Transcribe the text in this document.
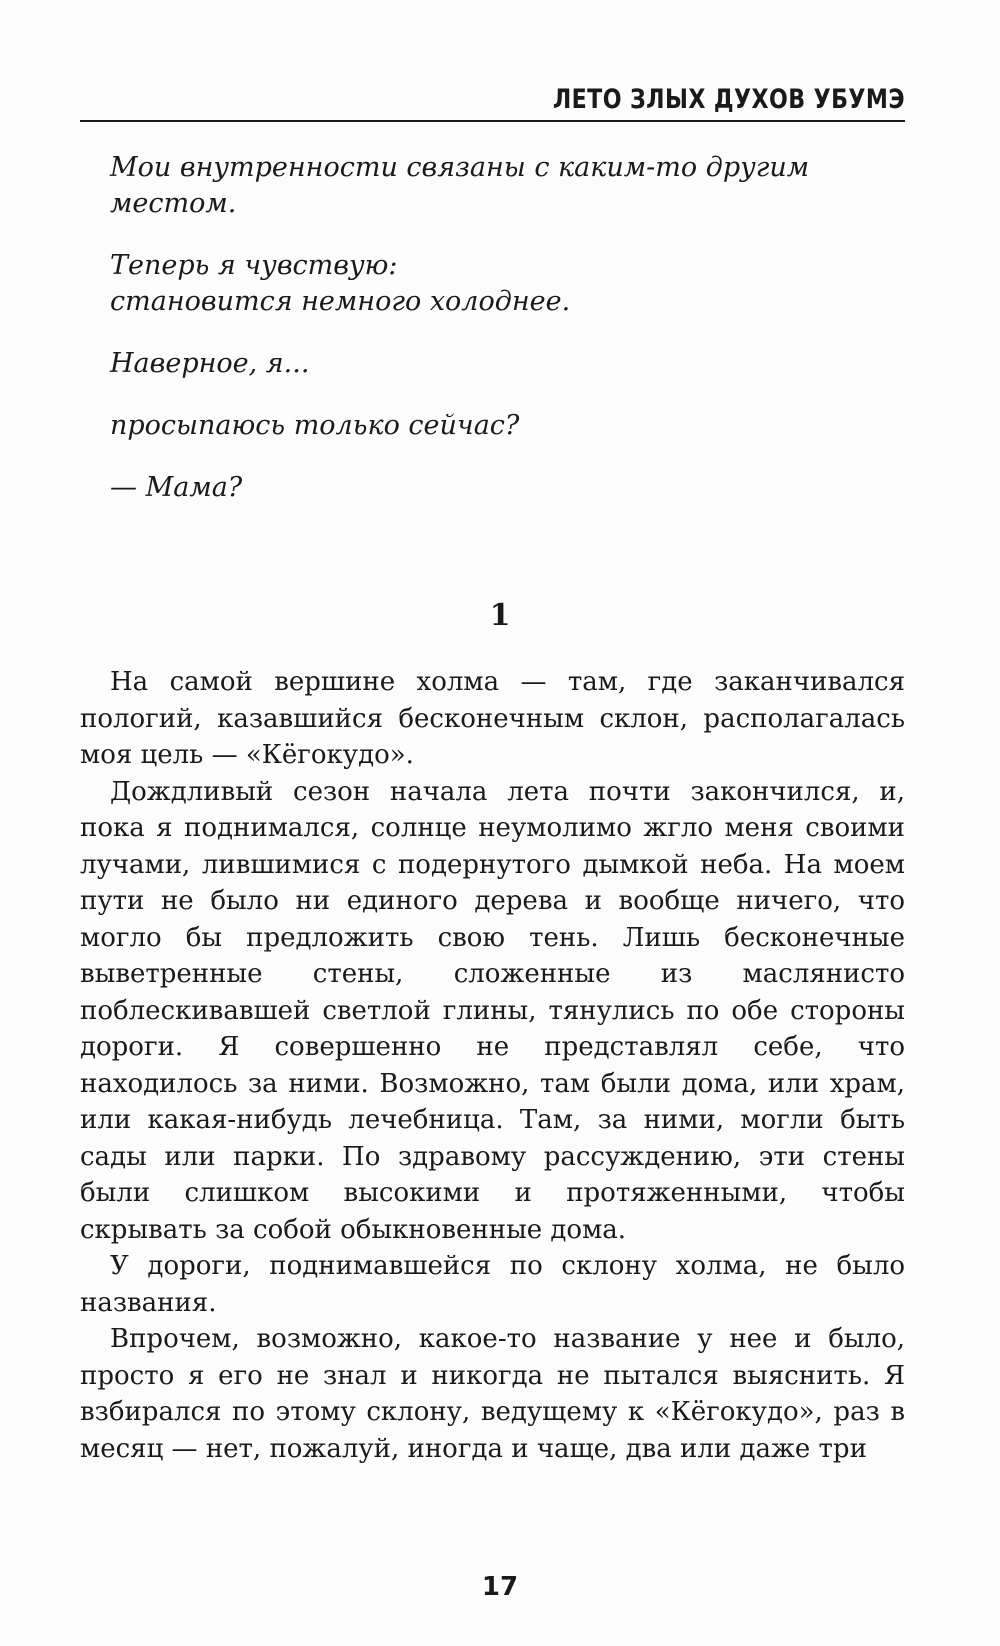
ЛЕТО ЗЛЫХ ДУХОВ УБУМЭ

Мои внутренности связаны с каким-то другим местом.

Теперь я чувствую:
становится немного холоднее.

Наверное, я...

просыпаюсь только сейчас?

— Мама?

1

На самой вершине холма — там, где заканчивался пологий, казавшийся бесконечным склон, располагалась моя цель — «Кёгокудо».

Дождливый сезон начала лета почти закончился, и, пока я поднимался, солнце неумолимо жгло меня своими лучами, лившимися с подернутого дымкой неба. На моем пути не было ни единого дерева и вообще ничего, что могло бы предложить свою тень. Лишь бесконечные выветренные стены, сложенные из маслянисто поблескивавшей светлой глины, тянулись по обе стороны дороги. Я совершенно не представлял себе, что находилось за ними. Возможно, там были дома, или храм, или какая-нибудь лечебница. Там, за ними, могли быть сады или парки. По здравому рассуждению, эти стены были слишком высокими и протяженными, чтобы скрывать за собой обыкновенные дома.

У дороги, поднимавшейся по склону холма, не было названия.

Впрочем, возможно, какое-то название у нее и было, просто я его не знал и никогда не пытался выяснить. Я взбирался по этому склону, ведущему к «Кёгокудо», раз в месяц — нет, пожалуй, иногда и чаще, два или даже три

17
